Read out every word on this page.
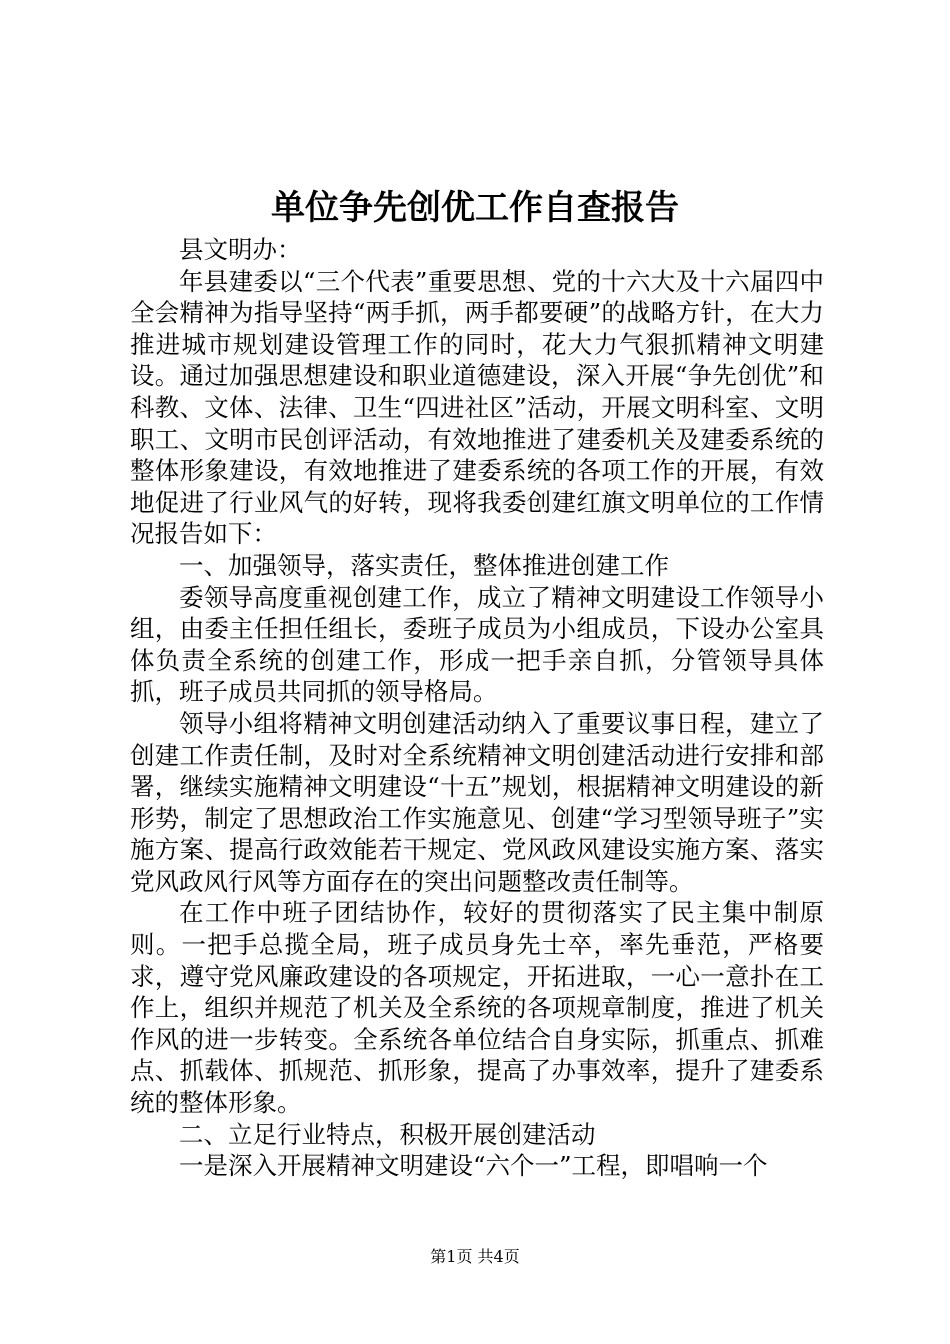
单位争先创优工作自查报告

县文明办：

年县建委以“三个代表”重要思想、党的十六大及十六届四中全会精神为指导坚持“两手抓，两手都要硬”的战略方针，在大力推进城市规划建设管理工作的同时，花大力气狠抓精神文明建设。通过加强思想建设和职业道德建设，深入开展“争先创优”和科教、文体、法律、卫生“四进社区”活动，开展文明科室、文明职工、文明市民创评活动，有效地推进了建委机关及建委系统的整体形象建设，有效地推进了建委系统的各项工作的开展，有效地促进了行业风气的好转，现将我委创建红旗文明单位的工作情况报告如下：

一、加强领导，落实责任，整体推进创建工作

委领导高度重视创建工作，成立了精神文明建设工作领导小组，由委主任担任组长，委班子成员为小组成员，下设办公室具体负责全系统的创建工作，形成一把手亲自抓，分管领导具体抓，班子成员共同抓的领导格局。

领导小组将精神文明创建活动纳入了重要议事日程，建立了创建工作责任制，及时对全系统精神文明创建活动进行安排和部署，继续实施精神文明建设“十五”规划，根据精神文明建设的新形势，制定了思想政治工作实施意见、创建“学习型领导班子”实施方案、提高行政效能若干规定、党风政风建设实施方案、落实党风政风行风等方面存在的突出问题整改责任制等。

在工作中班子团结协作，较好的贯彻落实了民主集中制原则。一把手总揽全局，班子成员身先士卒，率先垂范，严格要求，遵守党风廉政建设的各项规定，开拓进取，一心一意扑在工作上，组织并规范了机关及全系统的各项规章制度，推进了机关作风的进一步转变。全系统各单位结合自身实际，抓重点、抓难点、抓载体、抓规范、抓形象，提高了办事效率，提升了建委系统的整体形象。

二、立足行业特点，积极开展创建活动

一是深入开展精神文明建设“六个一”工程，即唱响一个

第1页 共4页
